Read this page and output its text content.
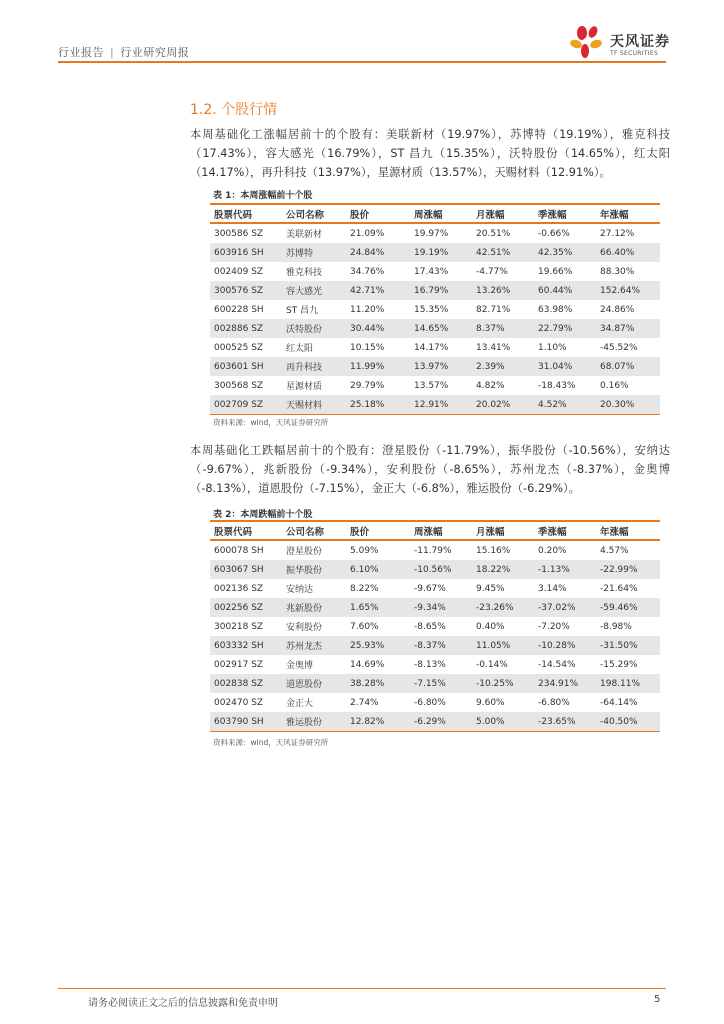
行业报告 | 行业研究周报
天风证券
TF SECURITIES
1.2. 个股行情
本周基础化工涨幅居前十的个股有：美联新材（19.97%），苏博特（19.19%），雅克科技（17.43%），容大感光（16.79%），ST 昌九（15.35%），沃特股份（14.65%），红太阳（14.17%），再升科技（13.97%），星源材质（13.57%），天赐材料（12.91%）。
表 1：本周涨幅前十个股
股票代码	公司名称	股价	周涨幅	月涨幅	季涨幅	年涨幅
300586 SZ	美联新材	21.09%	19.97%	20.51%	-0.66%	27.12%
603916 SH	苏博特	24.84%	19.19%	42.51%	42.35%	66.40%
002409 SZ	雅克科技	34.76%	17.43%	-4.77%	19.66%	88.30%
300576 SZ	容大感光	42.71%	16.79%	13.26%	60.44%	152.64%
600228 SH	ST 昌九	11.20%	15.35%	82.71%	63.98%	24.86%
002886 SZ	沃特股份	30.44%	14.65%	8.37%	22.79%	34.87%
000525 SZ	红太阳	10.15%	14.17%	13.41%	1.10%	-45.52%
603601 SH	再升科技	11.99%	13.97%	2.39%	31.04%	68.07%
300568 SZ	星源材质	29.79%	13.57%	4.82%	-18.43%	0.16%
002709 SZ	天赐材料	25.18%	12.91%	20.02%	4.52%	20.30%
资料来源：wind，天风证券研究所
本周基础化工跌幅居前十的个股有：澄星股份（-11.79%），振华股份（-10.56%），安纳达（-9.67%），兆新股份（-9.34%），安利股份（-8.65%），苏州龙杰（-8.37%），金奥博（-8.13%），道恩股份（-7.15%），金正大（-6.8%），雅运股份（-6.29%）。
表 2：本周跌幅前十个股
股票代码	公司名称	股价	周涨幅	月涨幅	季涨幅	年涨幅
600078 SH	澄星股份	5.09%	-11.79%	15.16%	0.20%	4.57%
603067 SH	振华股份	6.10%	-10.56%	18.22%	-1.13%	-22.99%
002136 SZ	安纳达	8.22%	-9.67%	9.45%	3.14%	-21.64%
002256 SZ	兆新股份	1.65%	-9.34%	-23.26%	-37.02%	-59.46%
300218 SZ	安利股份	7.60%	-8.65%	0.40%	-7.20%	-8.98%
603332 SH	苏州龙杰	25.93%	-8.37%	11.05%	-10.28%	-31.50%
002917 SZ	金奥博	14.69%	-8.13%	-0.14%	-14.54%	-15.29%
002838 SZ	道恩股份	38.28%	-7.15%	-10.25%	234.91%	198.11%
002470 SZ	金正大	2.74%	-6.80%	9.60%	-6.80%	-64.14%
603790 SH	雅运股份	12.82%	-6.29%	5.00%	-23.65%	-40.50%
资料来源：wind，天风证券研究所
请务必阅读正文之后的信息披露和免责申明	5
